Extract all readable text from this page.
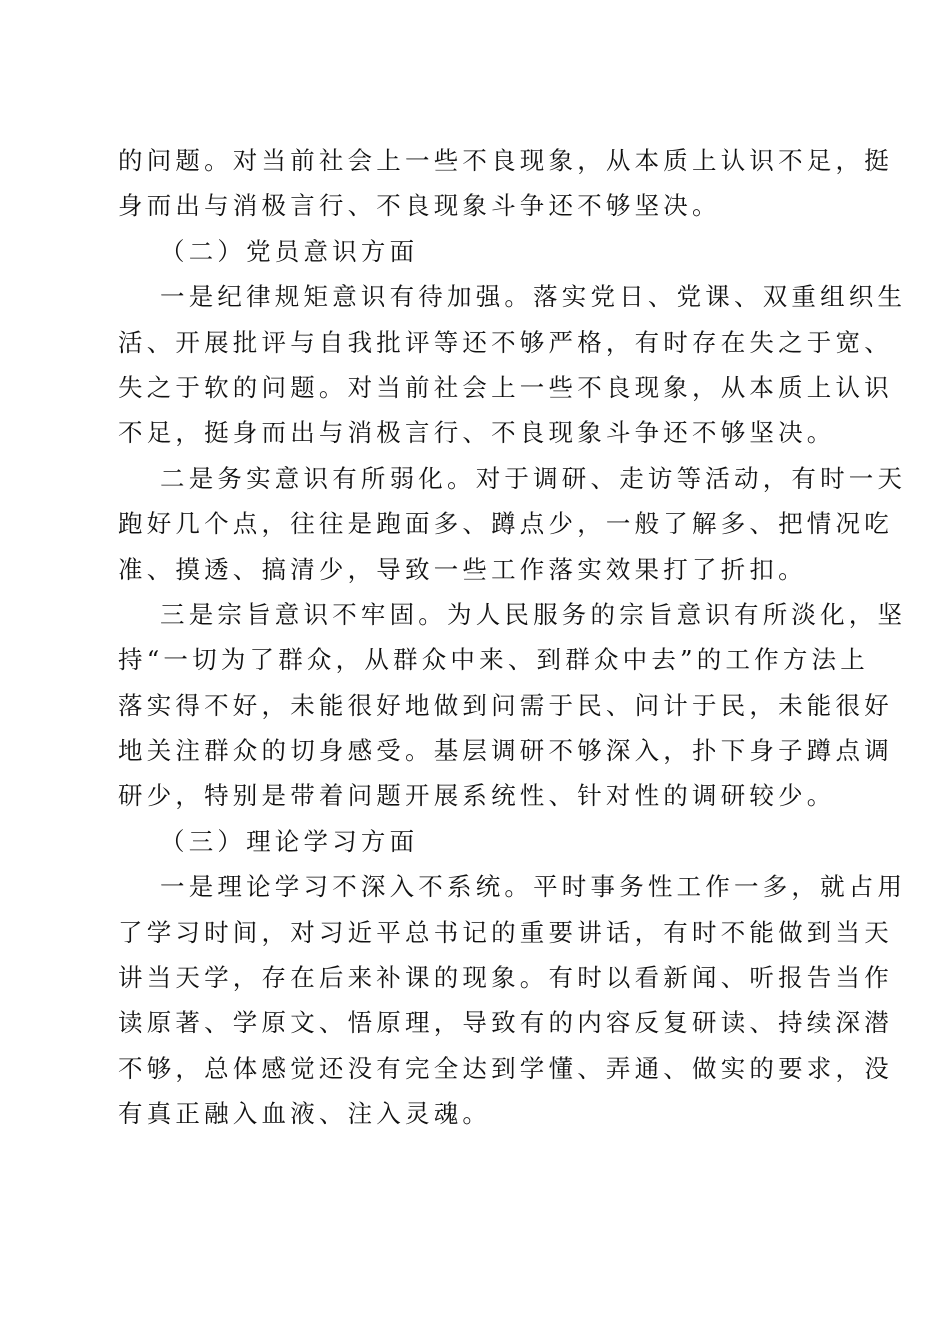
的问题。对当前社会上一些不良现象，从本质上认识不足，挺
身而出与消极言行、不良现象斗争还不够坚决。
（二）党员意识方面
一是纪律规矩意识有待加强。落实党日、党课、双重组织生
活、开展批评与自我批评等还不够严格，有时存在失之于宽、
失之于软的问题。对当前社会上一些不良现象，从本质上认识
不足，挺身而出与消极言行、不良现象斗争还不够坚决。
二是务实意识有所弱化。对于调研、走访等活动，有时一天
跑好几个点，往往是跑面多、蹲点少，一般了解多、把情况吃
准、摸透、搞清少，导致一些工作落实效果打了折扣。
三是宗旨意识不牢固。为人民服务的宗旨意识有所淡化，坚
持“一切为了群众，从群众中来、到群众中去”的工作方法上
落实得不好，未能很好地做到问需于民、问计于民，未能很好
地关注群众的切身感受。基层调研不够深入，扑下身子蹲点调
研少，特别是带着问题开展系统性、针对性的调研较少。
（三）理论学习方面
一是理论学习不深入不系统。平时事务性工作一多，就占用
了学习时间，对习近平总书记的重要讲话，有时不能做到当天
讲当天学，存在后来补课的现象。有时以看新闻、听报告当作
读原著、学原文、悟原理，导致有的内容反复研读、持续深潜
不够，总体感觉还没有完全达到学懂、弄通、做实的要求，没
有真正融入血液、注入灵魂。
